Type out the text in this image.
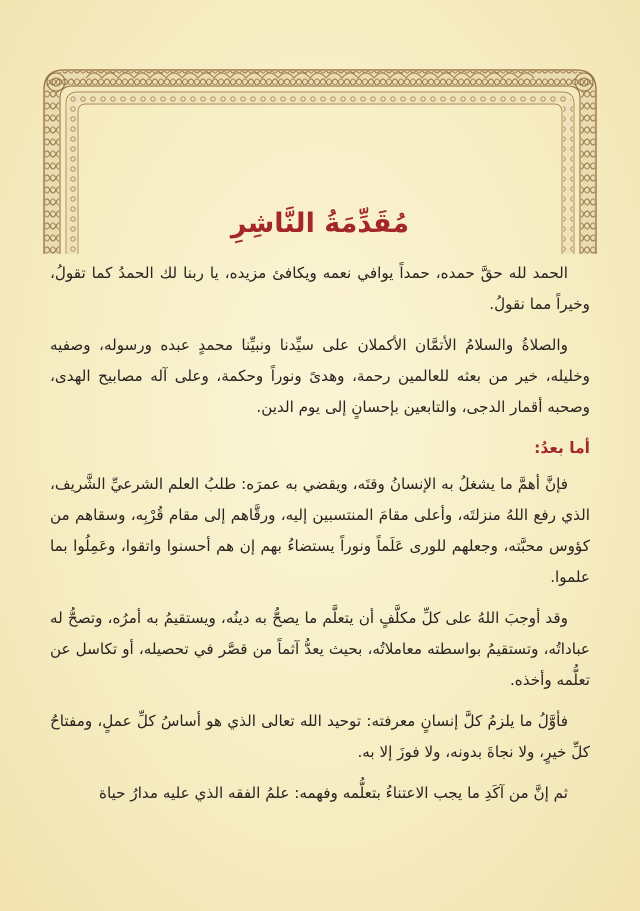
مُقَدِّمَةُ النَّاشِرِ

الحمد لله حقَّ حمده، حمداً يوافي نعمه ويكافئ مزيده، يا ربنا لك الحمدُ كما تقولُ، وخيراً مما نقولُ.

والصلاةُ والسلامُ الأتمَّان الأكملان على سيِّدنا ونبيِّنا محمدٍ عبده ورسوله، وصفيه وخليله، خير من بعثه للعالمين رحمة، وهدىً ونوراً وحكمة، وعلى آله مصابيح الهدى، وصحبه أقمار الدجى، والتابعين بإحسانٍ إلى يوم الدين.

أما بعدُ:

فإنَّ أهمَّ ما يشغلُ به الإنسانُ وقتَه، ويقضي به عمرَه: طلبُ العلم الشرعيِّ الشَّريف، الذي رفع اللهُ منزلتَه، وأعلى مقامَ المنتسبين إليه، ورقَّاهم إلى مقام قُرْبِه، وسقاهم من كؤوس محبَّته، وجعلهم للورى عَلَماً ونوراً يستضاءُ بهم إن هم أحسنوا واتقوا، وعَمِلُوا بما علموا.

وقد أوجبَ اللهُ على كلِّ مكلَّفٍ أن يتعلَّم ما يصحُّ به دينُه، ويستقيمُ به أمرُه، وتصحُّ له عباداتُه، وتستقيمُ بواسطته معاملاتُه، بحيث يعدُّ آثماً من قصَّر في تحصيله، أو تكاسل عن تعلُّمه وأخذه.

فأوَّلُ ما يلزمُ كلَّ إنسانٍ معرفته: توحيد الله تعالى الذي هو أساسُ كلِّ عملٍ، ومفتاحُ كلِّ خيرٍ، ولا نجاةَ بدونه، ولا فوزَ إلا به.

ثم إنَّ من آكَدِ ما يجب الاعتناءُ بتعلُّمه وفهمه: علمُ الفقه الذي عليه مدارُ حياة
